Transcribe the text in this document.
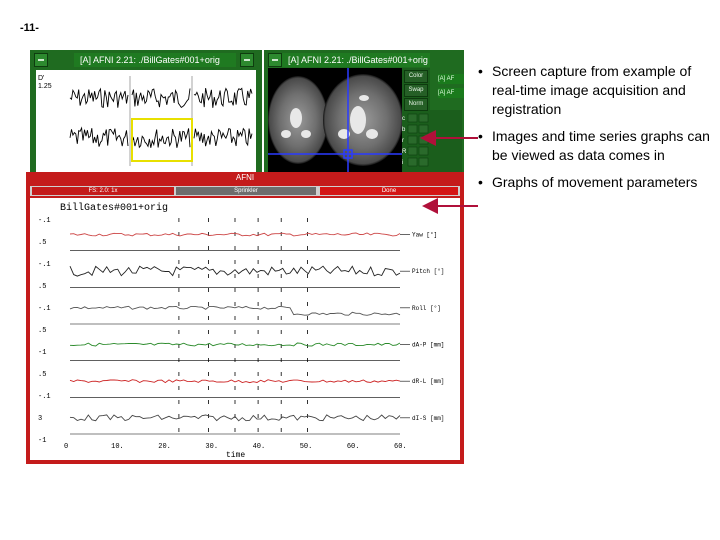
-11-
[A] AFNI 2.21: ./BillGates#001+orig
D'
1.25
[A] AFNI 2.21: ./BillGates#001+orig
Color
Swap
Norm
c
b
r
R
i
[A] AF
[A] AF
AFNI
FS: 2.0: 1x	Sprinkler	Done
BillGates#001+orig
Yaw [°]
Pitch [°]
Roll [°]
dA-P [mm]
dR-L [mm]
dI-S [mm]
-.1
.5
-.1
.5
-.1
.5
-1
.5
-.1
3
-1
0	10.	20.	30.	40.	50.	60.	60.
time
• Screen capture from example of real-time image acquisition and registration
• Images and time series graphs can be viewed as data comes in
• Graphs of movement parameters
